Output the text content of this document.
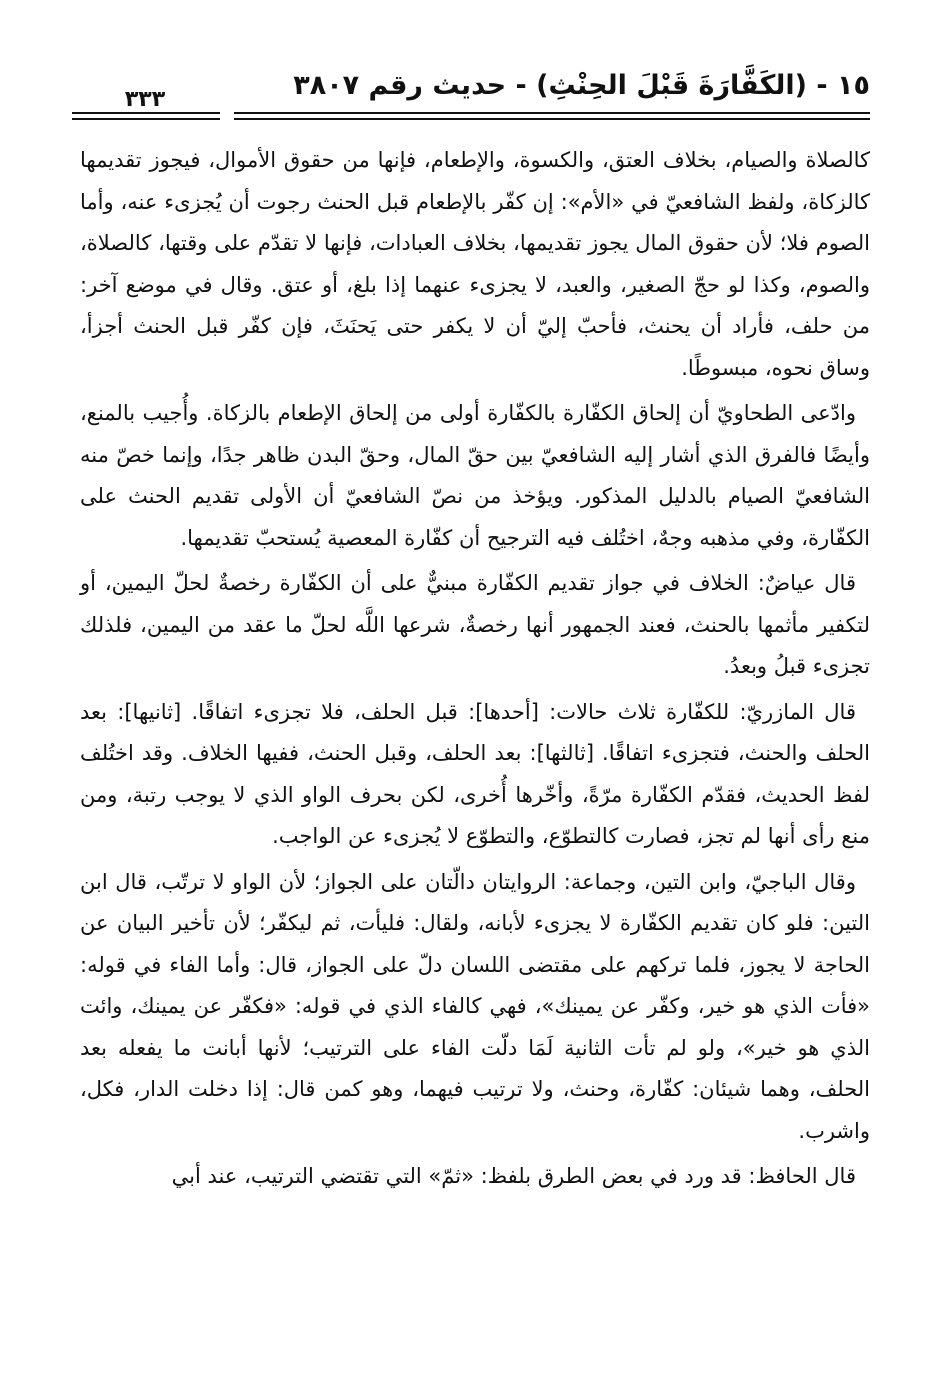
١٥ - (الكَفَّارَةَ قَبْلَ الحِنْثِ) - حديث رقم ٣٨٠٧
٣٣٣

كالصلاة والصيام، بخلاف العتق، والكسوة، والإطعام، فإنها من حقوق الأموال، فيجوز تقديمها كالزكاة، ولفظ الشافعيّ في «الأم»: إن كفّر بالإطعام قبل الحنث رجوت أن يُجزىء عنه، وأما الصوم فلا؛ لأن حقوق المال يجوز تقديمها، بخلاف العبادات، فإنها لا تقدّم على وقتها، كالصلاة، والصوم، وكذا لو حجّ الصغير، والعبد، لا يجزىء عنهما إذا بلغ، أو عتق. وقال في موضع آخر: من حلف، فأراد أن يحنث، فأحبّ إليّ أن لا يكفر حتى يَحنَثَ، فإن كفّر قبل الحنث أجزأ، وساق نحوه، مبسوطًا.

وادّعى الطحاويّ أن إلحاق الكفّارة بالكفّارة أولى من إلحاق الإطعام بالزكاة. وأُجيب بالمنع، وأيضًا فالفرق الذي أشار إليه الشافعيّ بين حقّ المال، وحقّ البدن ظاهر جدًا، وإنما خصّ منه الشافعيّ الصيام بالدليل المذكور. ويؤخذ من نصّ الشافعيّ أن الأولى تقديم الحنث على الكفّارة، وفي مذهبه وجهٌ، اختُلف فيه الترجيح أن كفّارة المعصية يُستحبّ تقديمها.

قال عياضٌ: الخلاف في جواز تقديم الكفّارة مبنيٌّ على أن الكفّارة رخصةٌ لحلّ اليمين، أو لتكفير مأثمها بالحنث، فعند الجمهور أنها رخصةٌ، شرعها اللَّه لحلّ ما عقد من اليمين، فلذلك تجزىء قبلُ وبعدُ.

قال المازريّ: للكفّارة ثلاث حالات: [أحدها]: قبل الحلف، فلا تجزىء اتفاقًا. [ثانيها]: بعد الحلف والحنث، فتجزىء اتفاقًا. [ثالثها]: بعد الحلف، وقبل الحنث، ففيها الخلاف. وقد اختُلف لفظ الحديث، فقدّم الكفّارة مرّةً، وأخّرها أُخرى، لكن بحرف الواو الذي لا يوجب رتبة، ومن منع رأى أنها لم تجز، فصارت كالتطوّع، والتطوّع لا يُجزىء عن الواجب.

وقال الباجيّ، وابن التين، وجماعة: الروايتان دالّتان على الجواز؛ لأن الواو لا ترتّب، قال ابن التين: فلو كان تقديم الكفّارة لا يجزىء لأبانه، ولقال: فليأت، ثم ليكفّر؛ لأن تأخير البيان عن الحاجة لا يجوز، فلما تركهم على مقتضى اللسان دلّ على الجواز، قال: وأما الفاء في قوله: «فأت الذي هو خير، وكفّر عن يمينك»، فهي كالفاء الذي في قوله: «فكفّر عن يمينك، وائت الذي هو خير»، ولو لم تأت الثانية لَمَا دلّت الفاء على الترتيب؛ لأنها أبانت ما يفعله بعد الحلف، وهما شيئان: كفّارة، وحنث، ولا ترتيب فيهما، وهو كمن قال: إذا دخلت الدار، فكل، واشرب.

قال الحافظ: قد ورد في بعض الطرق بلفظ: «ثمّ» التي تقتضي الترتيب، عند أبي
